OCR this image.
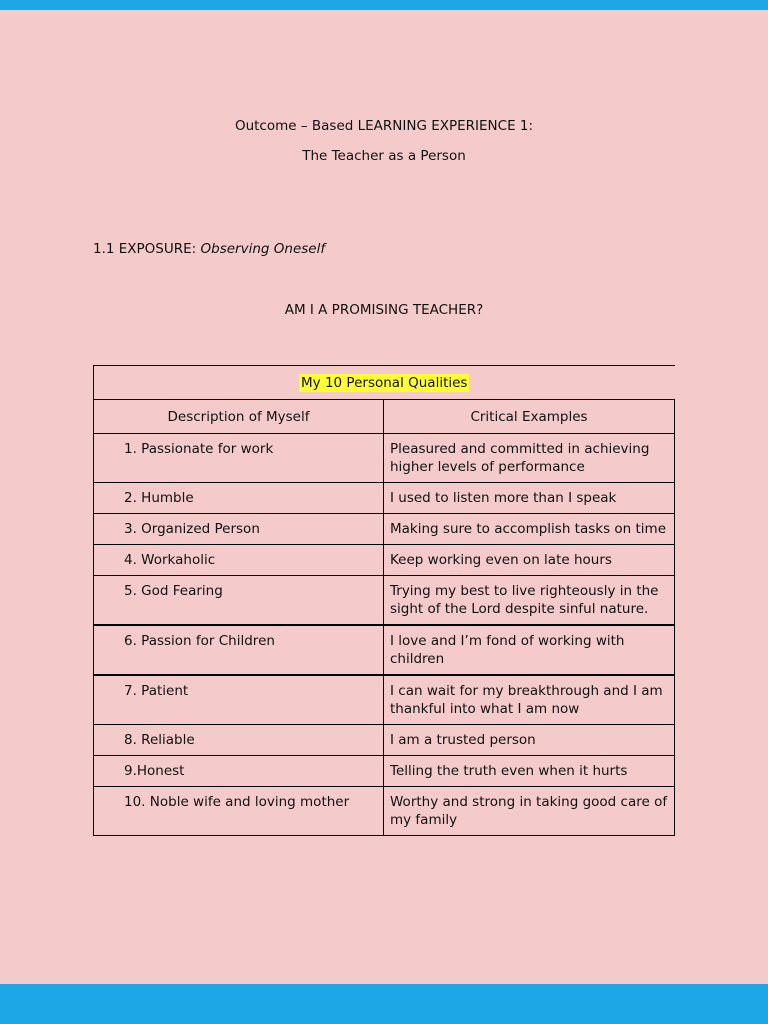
Outcome – Based LEARNING EXPERIENCE 1:
The Teacher as a Person
1.1 EXPOSURE: Observing Oneself
AM I A PROMISING TEACHER?
My 10 Personal Qualities	
Description of Myself	Critical Examples
1. Passionate for work	Pleasured and committed in achieving higher levels of performance
2. Humble	I used to listen more than I speak
3. Organized Person	Making sure to accomplish tasks on time
4. Workaholic	Keep working even on late hours
5. God Fearing	Trying my best to live righteously in the sight of the Lord despite sinful nature.
6. Passion for Children	I love and I’m fond of working with children
7. Patient	I can wait for my breakthrough and I am thankful into what I am now
8. Reliable	I am a trusted person
9.Honest	Telling the truth even when it hurts
10. Noble wife and loving mother	Worthy and strong in taking good care of my family
